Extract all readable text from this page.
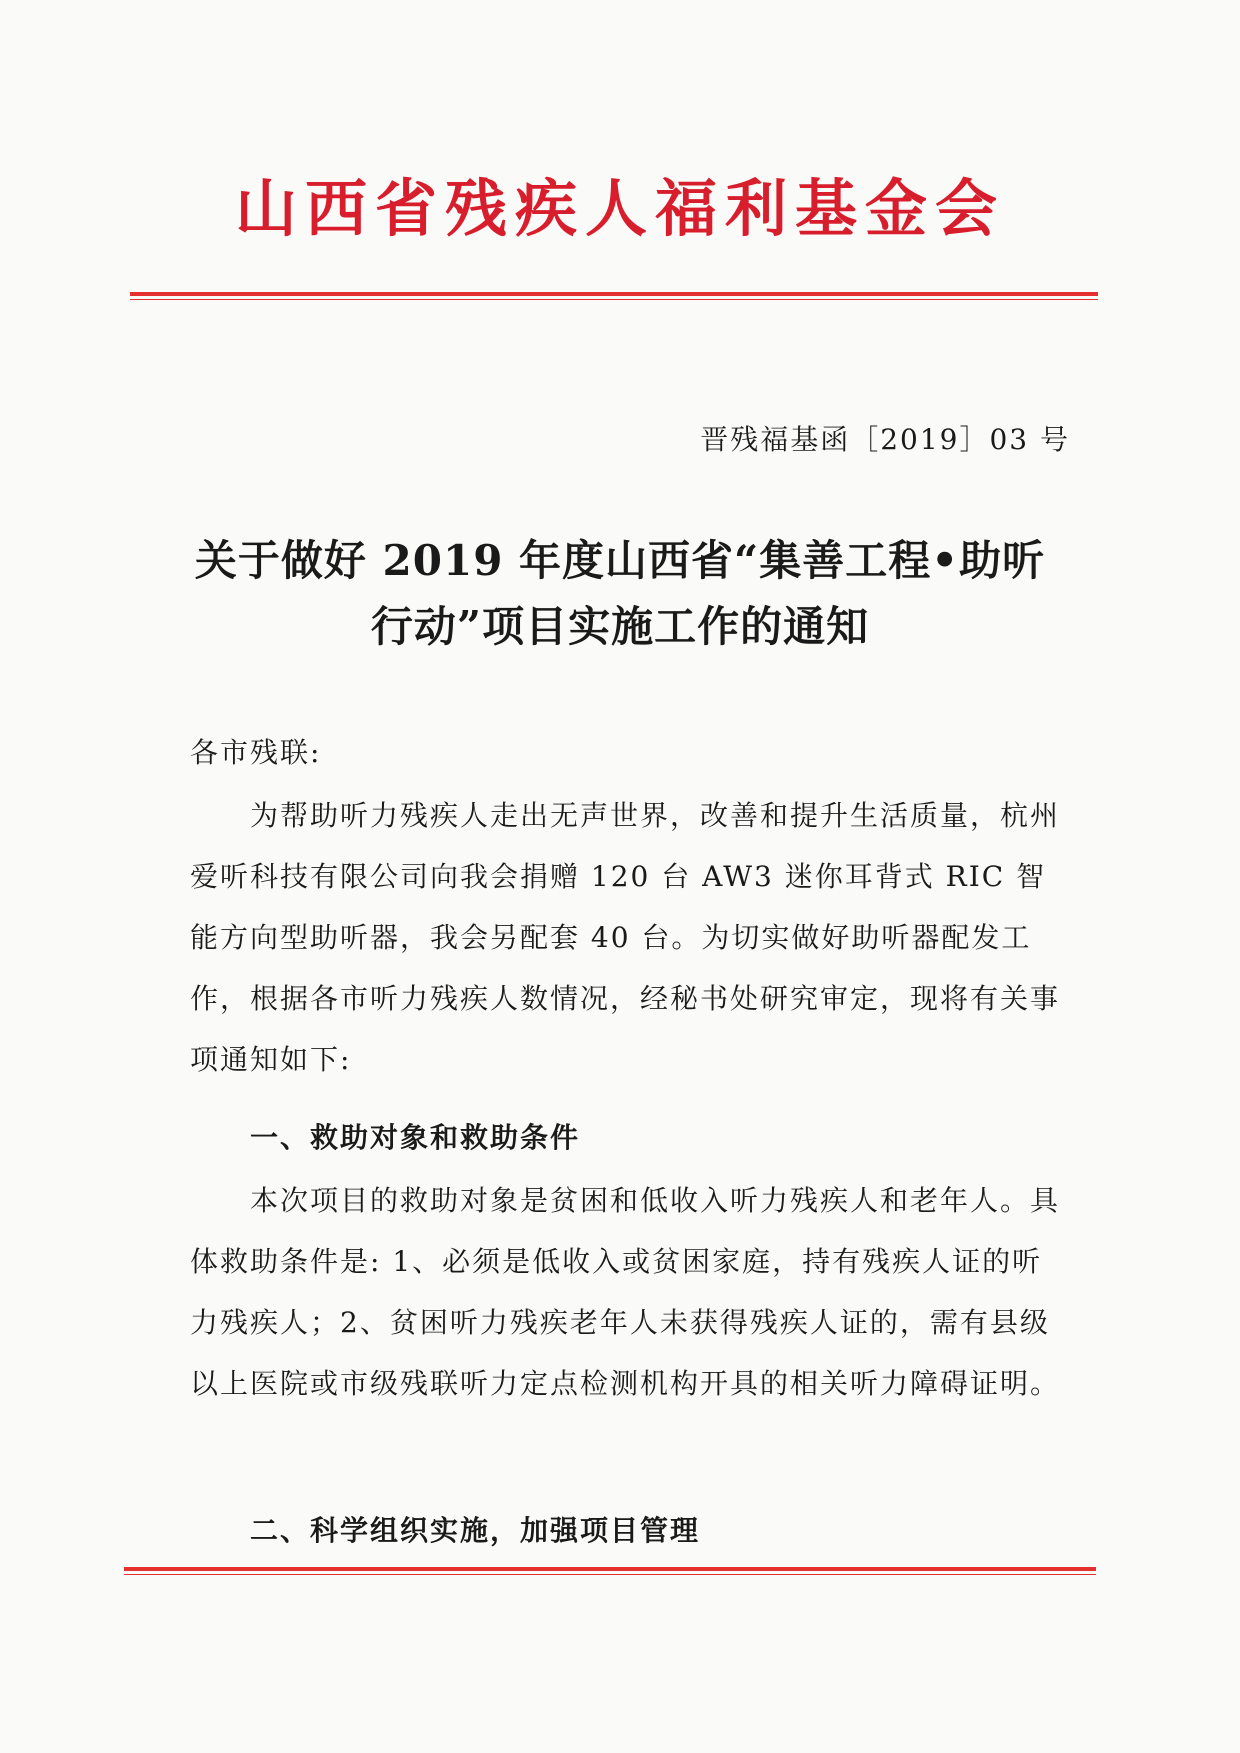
山西省残疾人福利基金会
晋残福基函［2019］03 号
关于做好 2019 年度山西省“集善工程•助听
行动”项目实施工作的通知

各市残联:

为帮助听力残疾人走出无声世界，改善和提升生活质量，杭州爱听科技有限公司向我会捐赠 120 台 AW3 迷你耳背式 RIC 智能方向型助听器，我会另配套 40 台。为切实做好助听器配发工作，根据各市听力残疾人数情况，经秘书处研究审定，现将有关事项通知如下:

一、救助对象和救助条件

本次项目的救助对象是贫困和低收入听力残疾人和老年人。具体救助条件是: 1、必须是低收入或贫困家庭，持有残疾人证的听力残疾人；2、贫困听力残疾老年人未获得残疾人证的，需有县级以上医院或市级残联听力定点检测机构开具的相关听力障碍证明。

二、科学组织实施，加强项目管理
